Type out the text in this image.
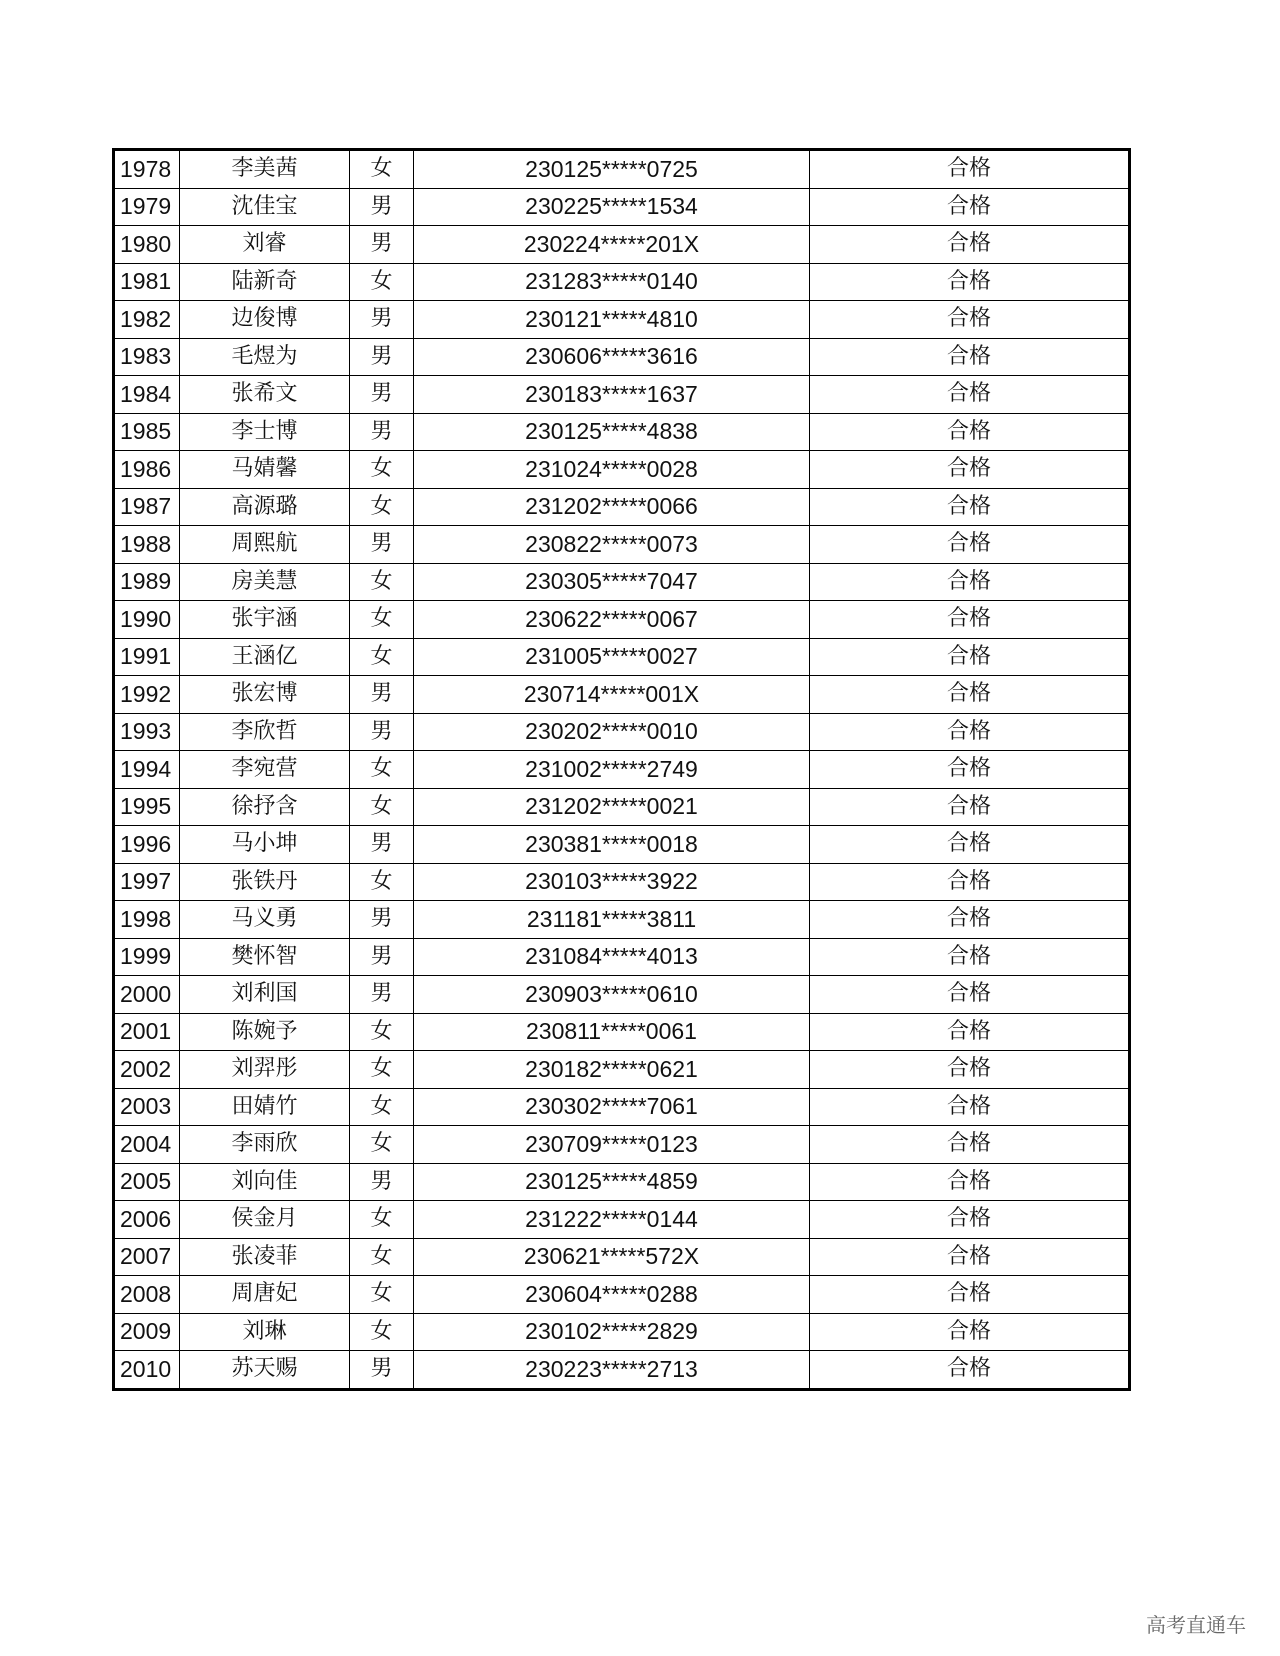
1978	李美茜	女	230125*****0725	合格
1979	沈佳宝	男	230225*****1534	合格
1980	刘睿	男	230224*****201X	合格
1981	陆新奇	女	231283*****0140	合格
1982	边俊博	男	230121*****4810	合格
1983	毛煜为	男	230606*****3616	合格
1984	张希文	男	230183*****1637	合格
1985	李士博	男	230125*****4838	合格
1986	马婧馨	女	231024*****0028	合格
1987	高源璐	女	231202*****0066	合格
1988	周熙航	男	230822*****0073	合格
1989	房美慧	女	230305*****7047	合格
1990	张宇涵	女	230622*****0067	合格
1991	王涵亿	女	231005*****0027	合格
1992	张宏博	男	230714*****001X	合格
1993	李欣哲	男	230202*****0010	合格
1994	李宛营	女	231002*****2749	合格
1995	徐抒含	女	231202*****0021	合格
1996	马小坤	男	230381*****0018	合格
1997	张铁丹	女	230103*****3922	合格
1998	马义勇	男	231181*****3811	合格
1999	樊怀智	男	231084*****4013	合格
2000	刘利国	男	230903*****0610	合格
2001	陈婉予	女	230811*****0061	合格
2002	刘羿彤	女	230182*****0621	合格
2003	田婧竹	女	230302*****7061	合格
2004	李雨欣	女	230709*****0123	合格
2005	刘向佳	男	230125*****4859	合格
2006	侯金月	女	231222*****0144	合格
2007	张凌菲	女	230621*****572X	合格
2008	周唐妃	女	230604*****0288	合格
2009	刘琳	女	230102*****2829	合格
2010	苏天赐	男	230223*****2713	合格
高考直通车
